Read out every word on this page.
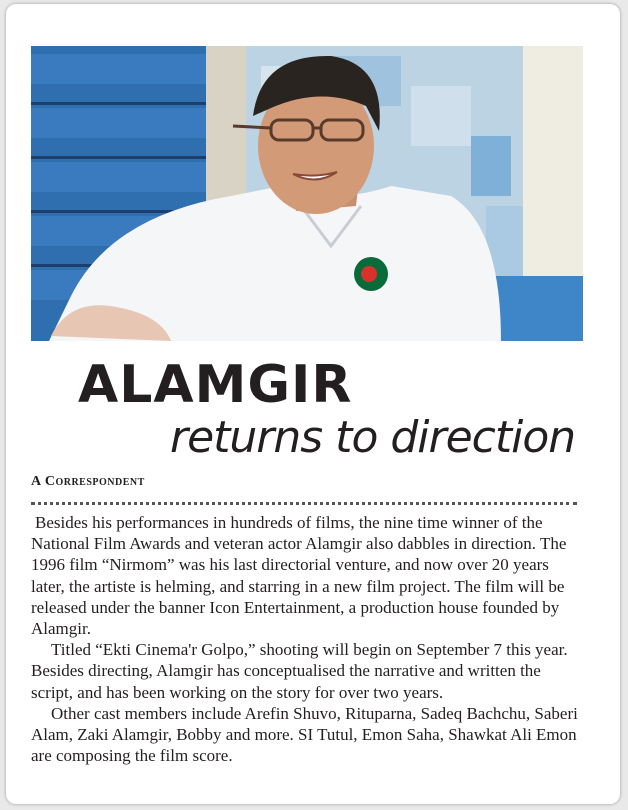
ALAMGIR
returns to direction
A Correspondent

Besides his performances in hundreds of films, the nine time winner of the National Film Awards and veteran actor Alamgir also dabbles in direction. The 1996 film “Nirmom” was his last directorial venture, and now over 20 years later, the artiste is helming, and starring in a new film project. The film will be released under the banner Icon Entertainment, a production house founded by Alamgir.

Titled “Ekti Cinema'r Golpo,” shooting will begin on September 7 this year. Besides directing, Alamgir has conceptualised the narrative and written the script, and has been working on the story for over two years.

Other cast members include Arefin Shuvo, Rituparna, Sadeq Bachchu, Saberi Alam, Zaki Alamgir, Bobby and more. SI Tutul, Emon Saha, Shawkat Ali Emon are composing the film score.
